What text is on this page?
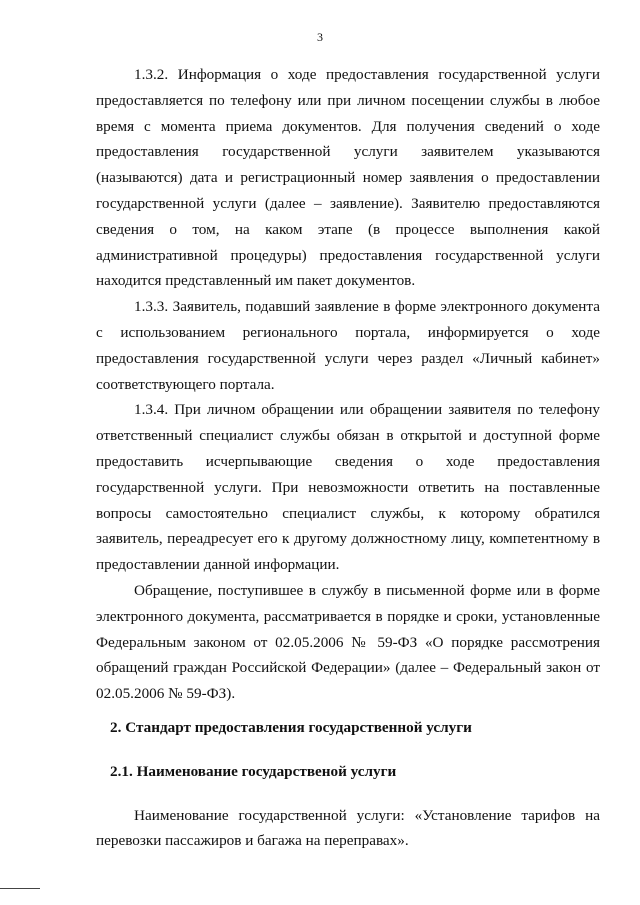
3

1.3.2. Информация о ходе предоставления государственной услуги предоставляется по телефону или при личном посещении службы в любое время с момента приема документов. Для получения сведений о ходе предоставления государственной услуги заявителем указываются (называются) дата и регистрационный номер заявления о предоставлении государственной услуги (далее – заявление). Заявителю предоставляются сведения о том, на каком этапе (в процессе выполнения какой административной процедуры) предоставления государственной услуги находится представленный им пакет документов.

1.3.3. Заявитель, подавший заявление в форме электронного документа с использованием регионального портала, информируется о ходе предоставления государственной услуги через раздел «Личный кабинет» соответствующего портала.

1.3.4. При личном обращении или обращении заявителя по телефону ответственный специалист службы обязан в открытой и доступной форме предоставить исчерпывающие сведения о ходе предоставления государственной услуги. При невозможности ответить на поставленные вопросы самостоятельно специалист службы, к которому обратился заявитель, переадресует его к другому должностному лицу, компетентному в предоставлении данной информации.

Обращение, поступившее в службу в письменной форме или в форме электронного документа, рассматривается в порядке и сроки, установленные Федеральным законом от 02.05.2006 № 59-ФЗ «О порядке рассмотрения обращений граждан Российской Федерации» (далее – Федеральный закон от 02.05.2006 № 59-ФЗ).

2. Стандарт предоставления государственной услуги
2.1. Наименование государственой услуги

Наименование государственной услуги: «Установление тарифов на перевозки пассажиров и багажа на переправах».
